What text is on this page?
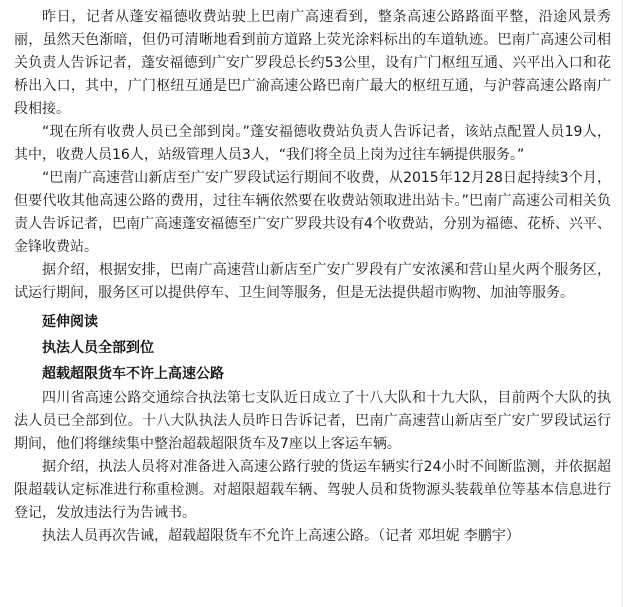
昨日，记者从蓬安福德收费站驶上巴南广高速看到，整条高速公路路面平整，沿途风景秀丽，虽然天色渐暗，但仍可清晰地看到前方道路上荧光涂料标出的车道轨迹。巴南广高速公司相关负责人告诉记者，蓬安福德到广安广罗段总长约53公里，设有广门枢纽互通、兴平出入口和花桥出入口，其中，广门枢纽互通是巴广渝高速公路巴南广最大的枢纽互通，与沪蓉高速公路南广段相接。

“现在所有收费人员已全部到岗。”蓬安福德收费站负责人告诉记者，该站点配置人员19人，其中，收费人员16人，站级管理人员3人，“我们将全员上岗为过往车辆提供服务。”

“巴南广高速营山新店至广安广罗段试运行期间不收费，从2015年12月28日起持续3个月，但要代收其他高速公路的费用，过往车辆依然要在收费站领取进出站卡。”巴南广高速公司相关负责人告诉记者，巴南广高速蓬安福德至广安广罗段共设有4个收费站，分别为福德、花桥、兴平、金锋收费站。

据介绍，根据安排，巴南广高速营山新店至广安广罗段有广安浓溪和营山星火两个服务区，试运行期间，服务区可以提供停车、卫生间等服务，但是无法提供超市购物、加油等服务。

延伸阅读

执法人员全部到位

超载超限货车不许上高速公路

四川省高速公路交通综合执法第七支队近日成立了十八大队和十九大队，目前两个大队的执法人员已全部到位。十八大队执法人员昨日告诉记者，巴南广高速营山新店至广安广罗段试运行期间，他们将继续集中整治超载超限货车及7座以上客运车辆。

据介绍，执法人员将对准备进入高速公路行驶的货运车辆实行24小时不间断监测，并依据超限超载认定标准进行称重检测。对超限超载车辆、驾驶人员和货物源头装载单位等基本信息进行登记，发放违法行为告诫书。

执法人员再次告诫，超载超限货车不允许上高速公路。（记者 邓坦妮 李鹏宇）
